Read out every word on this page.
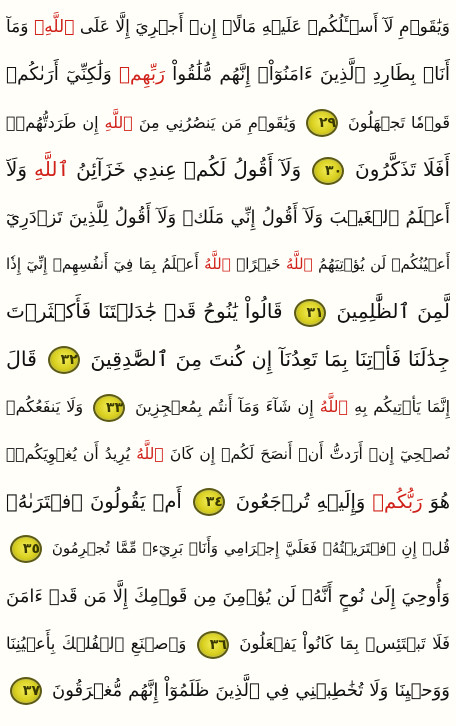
وَيَٰقَوۡمِ لَآ أَسۡـَٔلُكُمۡ عَلَيۡهِ مَالًاۖ إِنۡ أَجۡرِيَ إِلَّا عَلَى ٱللَّهِۚ وَمَآ
أَنَا۠ بِطَارِدِ ٱلَّذِينَ ءَامَنُوٓاْۚ إِنَّهُم مُّلَٰقُواْ رَبِّهِمۡ وَلَٰكِنِّيٓ أَرَىٰكُمۡ
قَوۡمٗا تَجۡهَلُونَ ٢٩ وَيَٰقَوۡمِ مَن يَنصُرُنِي مِنَ ٱللَّهِ إِن طَرَدتُّهُمۡۚ
أَفَلَا تَذَكَّرُونَ ٣٠ وَلَآ أَقُولُ لَكُمۡ عِندِي خَزَآئِنُ ٱللَّهِ وَلَآ
أَعۡلَمُ ٱلۡغَيۡبَ وَلَآ أَقُولُ إِنِّي مَلَكٞ وَلَآ أَقُولُ لِلَّذِينَ تَزۡدَرِيٓ
أَعۡيُنُكُمۡ لَن يُؤۡتِيَهُمُ ٱللَّهُ خَيۡرًاۖ ٱللَّهُ أَعۡلَمُ بِمَا فِيٓ أَنفُسِهِمۡ إِنِّيٓ إِذٗا
لَّمِنَ ٱلظَّٰلِمِينَ ٣١ قَالُواْ يَٰنُوحُ قَدۡ جَٰدَلۡتَنَا فَأَكۡثَرۡتَ
جِدَٰلَنَا فَأۡتِنَا بِمَا تَعِدُنَآ إِن كُنتَ مِنَ ٱلصَّٰدِقِينَ ٣٢ قَالَ
إِنَّمَا يَأۡتِيكُم بِهِ ٱللَّهُ إِن شَآءَ وَمَآ أَنتُم بِمُعۡجِزِينَ ٣٣ وَلَا يَنفَعُكُمۡ
نُصۡحِيٓ إِنۡ أَرَدتُّ أَنۡ أَنصَحَ لَكُمۡ إِن كَانَ ٱللَّهُ يُرِيدُ أَن يُغۡوِيَكُمۡۚ
هُوَ رَبُّكُمۡ وَإِلَيۡهِ تُرۡجَعُونَ ٣٤ أَمۡ يَقُولُونَ ٱفۡتَرَىٰهُۖ
قُلۡ إِنِ ٱفۡتَرَيۡتُهُۥ فَعَلَيَّ إِجۡرَامِي وَأَنَا۠ بَرِيٓءٞ مِّمَّا تُجۡرِمُونَ ٣٥
وَأُوحِيَ إِلَىٰ نُوحٍ أَنَّهُۥ لَن يُؤۡمِنَ مِن قَوۡمِكَ إِلَّا مَن قَدۡ ءَامَنَ
فَلَا تَبۡتَئِسۡ بِمَا كَانُواْ يَفۡعَلُونَ ٣٦ وَٱصۡنَعِ ٱلۡفُلۡكَ بِأَعۡيُنِنَا
وَوَحۡيِنَا وَلَا تُخَٰطِبۡنِي فِي ٱلَّذِينَ ظَلَمُوٓاْ إِنَّهُم مُّغۡرَقُونَ ٣٧
